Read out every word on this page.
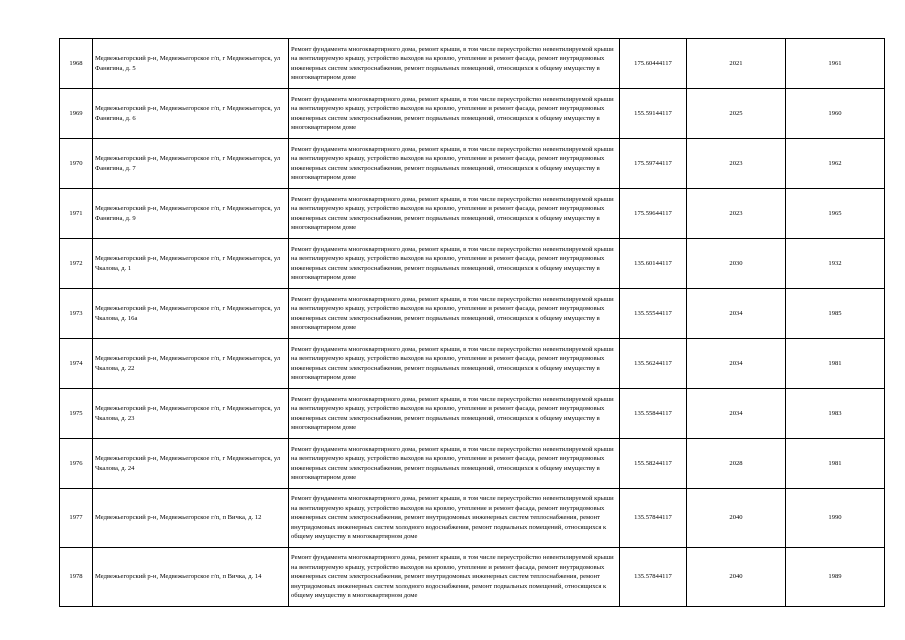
1968	Медвежьегорский р-н, Медвежьегорское г/п, г Медвежьегорск, ул Фанягина, д. 5	Ремонт фундамента многоквартирного дома, ремонт крыши, в том числе переустройство невентилируемой крыши на вентилируемую крышу, устройство выходов на кровлю, утепление и ремонт фасада, ремонт внутридомовых инженерных систем электроснабжения, ремонт подвальных помещений, относящихся к общему имуществу в многоквартирном доме	175.60444117	2021	1961
1969	Медвежьегорский р-н, Медвежьегорское г/п, г Медвежьегорск, ул Фанягина, д. 6	Ремонт фундамента многоквартирного дома, ремонт крыши, в том числе переустройство невентилируемой крыши на вентилируемую крышу, устройство выходов на кровлю, утепление и ремонт фасада, ремонт внутридомовых инженерных систем электроснабжения, ремонт подвальных помещений, относящихся к общему имуществу в многоквартирном доме	155.59144117	2025	1960
1970	Медвежьегорский р-н, Медвежьегорское г/п, г Медвежьегорск, ул Фанягина, д. 7	Ремонт фундамента многоквартирного дома, ремонт крыши, в том числе переустройство невентилируемой крыши на вентилируемую крышу, устройство выходов на кровлю, утепление и ремонт фасада, ремонт внутридомовых инженерных систем электроснабжения, ремонт подвальных помещений, относящихся к общему имуществу в многоквартирном доме	175.59744117	2023	1962
1971	Медвежьегорский р-н, Медвежьегорское г/п, г Медвежьегорск, ул Фанягина, д. 9	Ремонт фундамента многоквартирного дома, ремонт крыши, в том числе переустройство невентилируемой крыши на вентилируемую крышу, устройство выходов на кровлю, утепление и ремонт фасада, ремонт внутридомовых инженерных систем электроснабжения, ремонт подвальных помещений, относящихся к общему имуществу в многоквартирном доме	175.59644117	2023	1965
1972	Медвежьегорский р-н, Медвежьегорское г/п, г Медвежьегорск, ул Чкалова, д. 1	Ремонт фундамента многоквартирного дома, ремонт крыши, в том числе переустройство невентилируемой крыши на вентилируемую крышу, устройство выходов на кровлю, утепление и ремонт фасада, ремонт внутридомовых инженерных систем электроснабжения, ремонт подвальных помещений, относящихся к общему имуществу в многоквартирном доме	135.60144117	2030	1932
1973	Медвежьегорский р-н, Медвежьегорское г/п, г Медвежьегорск, ул Чкалова, д. 16а	Ремонт фундамента многоквартирного дома, ремонт крыши, в том числе переустройство невентилируемой крыши на вентилируемую крышу, устройство выходов на кровлю, утепление и ремонт фасада, ремонт внутридомовых инженерных систем электроснабжения, ремонт подвальных помещений, относящихся к общему имуществу в многоквартирном доме	135.55544117	2034	1985
1974	Медвежьегорский р-н, Медвежьегорское г/п, г Медвежьегорск, ул Чкалова, д. 22	Ремонт фундамента многоквартирного дома, ремонт крыши, в том числе переустройство невентилируемой крыши на вентилируемую крышу, устройство выходов на кровлю, утепление и ремонт фасада, ремонт внутридомовых инженерных систем электроснабжения, ремонт подвальных помещений, относящихся к общему имуществу в многоквартирном доме	135.56244117	2034	1981
1975	Медвежьегорский р-н, Медвежьегорское г/п, г Медвежьегорск, ул Чкалова, д. 23	Ремонт фундамента многоквартирного дома, ремонт крыши, в том числе переустройство невентилируемой крыши на вентилируемую крышу, устройство выходов на кровлю, утепление и ремонт фасада, ремонт внутридомовых инженерных систем электроснабжения, ремонт подвальных помещений, относящихся к общему имуществу в многоквартирном доме	135.55844117	2034	1983
1976	Медвежьегорский р-н, Медвежьегорское г/п, г Медвежьегорск, ул Чкалова, д. 24	Ремонт фундамента многоквартирного дома, ремонт крыши, в том числе переустройство невентилируемой крыши на вентилируемую крышу, устройство выходов на кровлю, утепление и ремонт фасада, ремонт внутридомовых инженерных систем электроснабжения, ремонт подвальных помещений, относящихся к общему имуществу в многоквартирном доме	155.58244117	2028	1981
1977	Медвежьегорский р-н, Медвежьегорское г/п, п Вичка, д. 12	Ремонт фундамента многоквартирного дома, ремонт крыши, в том числе переустройство невентилируемой крыши на вентилируемую крышу, устройство выходов на кровлю, утепление и ремонт фасада, ремонт внутридомовых инженерных систем электроснабжения, ремонт внутридомовых инженерных систем теплоснабжения, ремонт внутридомовых инженерных систем холодного водоснабжения, ремонт подвальных помещений, относящихся к общему имуществу в многоквартирном доме	135.57844117	2040	1990
1978	Медвежьегорский р-н, Медвежьегорское г/п, п Вичка, д. 14	Ремонт фундамента многоквартирного дома, ремонт крыши, в том числе переустройство невентилируемой крыши на вентилируемую крышу, устройство выходов на кровлю, утепление и ремонт фасада, ремонт внутридомовых инженерных систем электроснабжения, ремонт внутридомовых инженерных систем теплоснабжения, ремонт внутридомовых инженерных систем холодного водоснабжения, ремонт подвальных помещений, относящихся к общему имуществу в многоквартирном доме	135.57844117	2040	1989
